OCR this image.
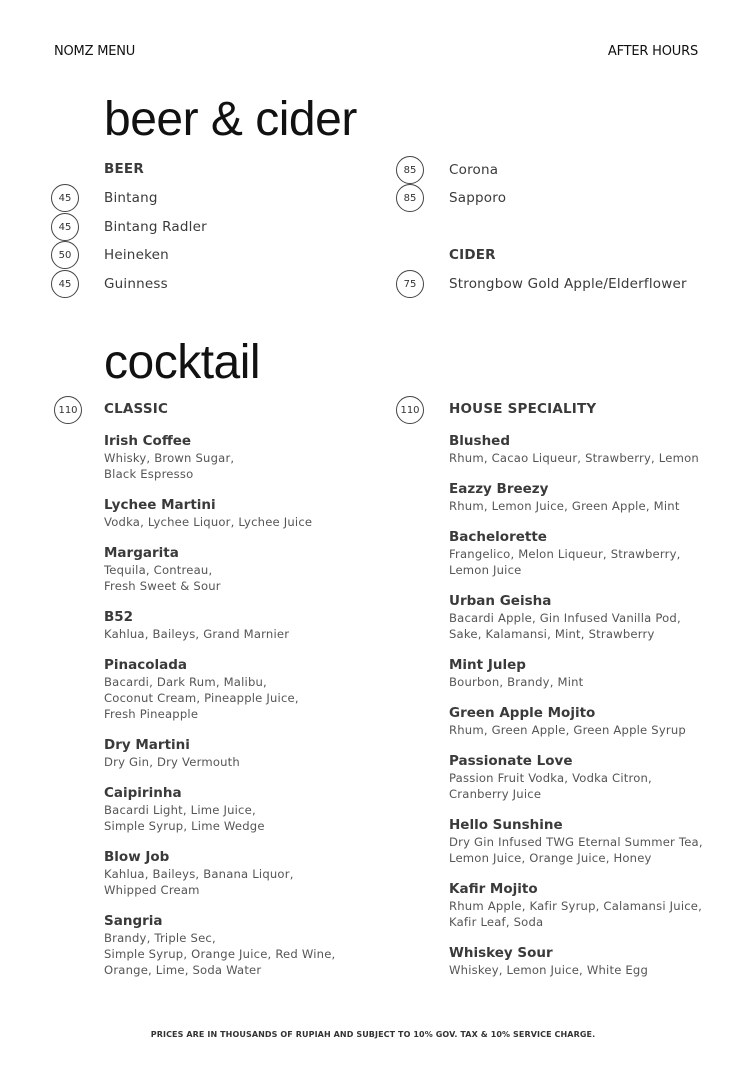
NOMZ MENU	AFTER HOURS
beer & cider
BEER
45	Bintang
45	Bintang Radler
50	Heineken
45	Guinness
85	Corona
85	Sapporo
CIDER
75	Strongbow Gold Apple/Elderflower
cocktail
110	CLASSIC	110	HOUSE SPECIALITY
Irish Coffee
Whisky, Brown Sugar,
Black Espresso
Lychee Martini
Vodka, Lychee Liquor, Lychee Juice
Margarita
Tequila, Contreau,
Fresh Sweet & Sour
B52
Kahlua, Baileys, Grand Marnier
Pinacolada
Bacardi, Dark Rum, Malibu,
Coconut Cream, Pineapple Juice,
Fresh Pineapple
Dry Martini
Dry Gin, Dry Vermouth
Caipirinha
Bacardi Light, Lime Juice,
Simple Syrup, Lime Wedge
Blow Job
Kahlua, Baileys, Banana Liquor,
Whipped Cream
Sangria
Brandy, Triple Sec,
Simple Syrup, Orange Juice, Red Wine,
Orange, Lime, Soda Water
Blushed
Rhum, Cacao Liqueur, Strawberry, Lemon
Eazzy Breezy
Rhum, Lemon Juice, Green Apple, Mint
Bachelorette
Frangelico, Melon Liqueur, Strawberry,
Lemon Juice
Urban Geisha
Bacardi Apple, Gin Infused Vanilla Pod,
Sake, Kalamansi, Mint, Strawberry
Mint Julep
Bourbon, Brandy, Mint
Green Apple Mojito
Rhum, Green Apple, Green Apple Syrup
Passionate Love
Passion Fruit Vodka, Vodka Citron,
Cranberry Juice
Hello Sunshine
Dry Gin Infused TWG Eternal Summer Tea,
Lemon Juice, Orange Juice, Honey
Kafir Mojito
Rhum Apple, Kafir Syrup, Calamansi Juice,
Kafir Leaf, Soda
Whiskey Sour
Whiskey, Lemon Juice, White Egg
PRICES ARE IN THOUSANDS OF RUPIAH AND SUBJECT TO 10% GOV. TAX & 10% SERVICE CHARGE.
